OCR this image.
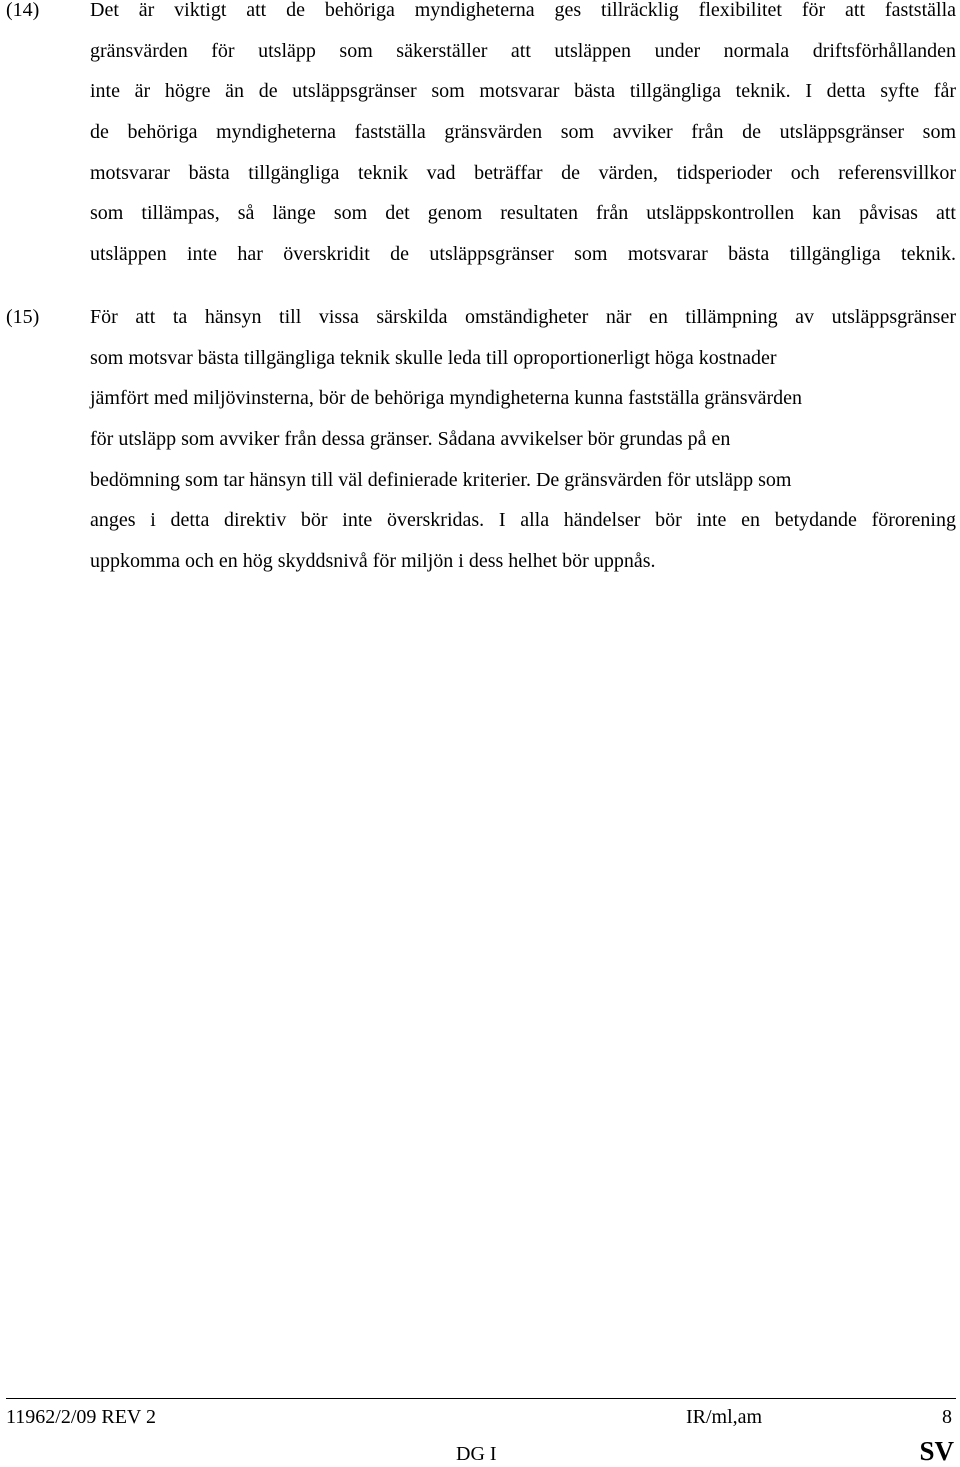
(14)	Det är viktigt att de behöriga myndigheterna ges tillräcklig flexibilitet för att fastställa
gränsvärden för utsläpp som säkerställer att utsläppen under normala driftsförhållanden
inte är högre än de utsläppsgränser som motsvarar bästa tillgängliga teknik. I detta syfte får
de behöriga myndigheterna fastställa gränsvärden som avviker från de utsläppsgränser som
motsvarar bästa tillgängliga teknik vad beträffar de värden, tidsperioder och referensvillkor
som tillämpas, så länge som det genom resultaten från utsläppskontrollen kan påvisas att
utsläppen inte har överskridit de utsläppsgränser som motsvarar bästa tillgängliga teknik.
(15)	För att ta hänsyn till vissa särskilda omständigheter när en tillämpning av utsläppsgränser
som motsvar bästa tillgängliga teknik skulle leda till oproportionerligt höga kostnader
jämfört med miljövinsterna, bör de behöriga myndigheterna kunna fastställa gränsvärden
för utsläpp som avviker från dessa gränser. Sådana avvikelser bör grundas på en
bedömning som tar hänsyn till väl definierade kriterier. De gränsvärden för utsläpp som
anges i detta direktiv bör inte överskridas. I alla händelser bör inte en betydande förorening
uppkomma och en hög skyddsnivå för miljön i dess helhet bör uppnås.
11962/2/09 REV 2	IR/ml,am	8
DG I	SV
